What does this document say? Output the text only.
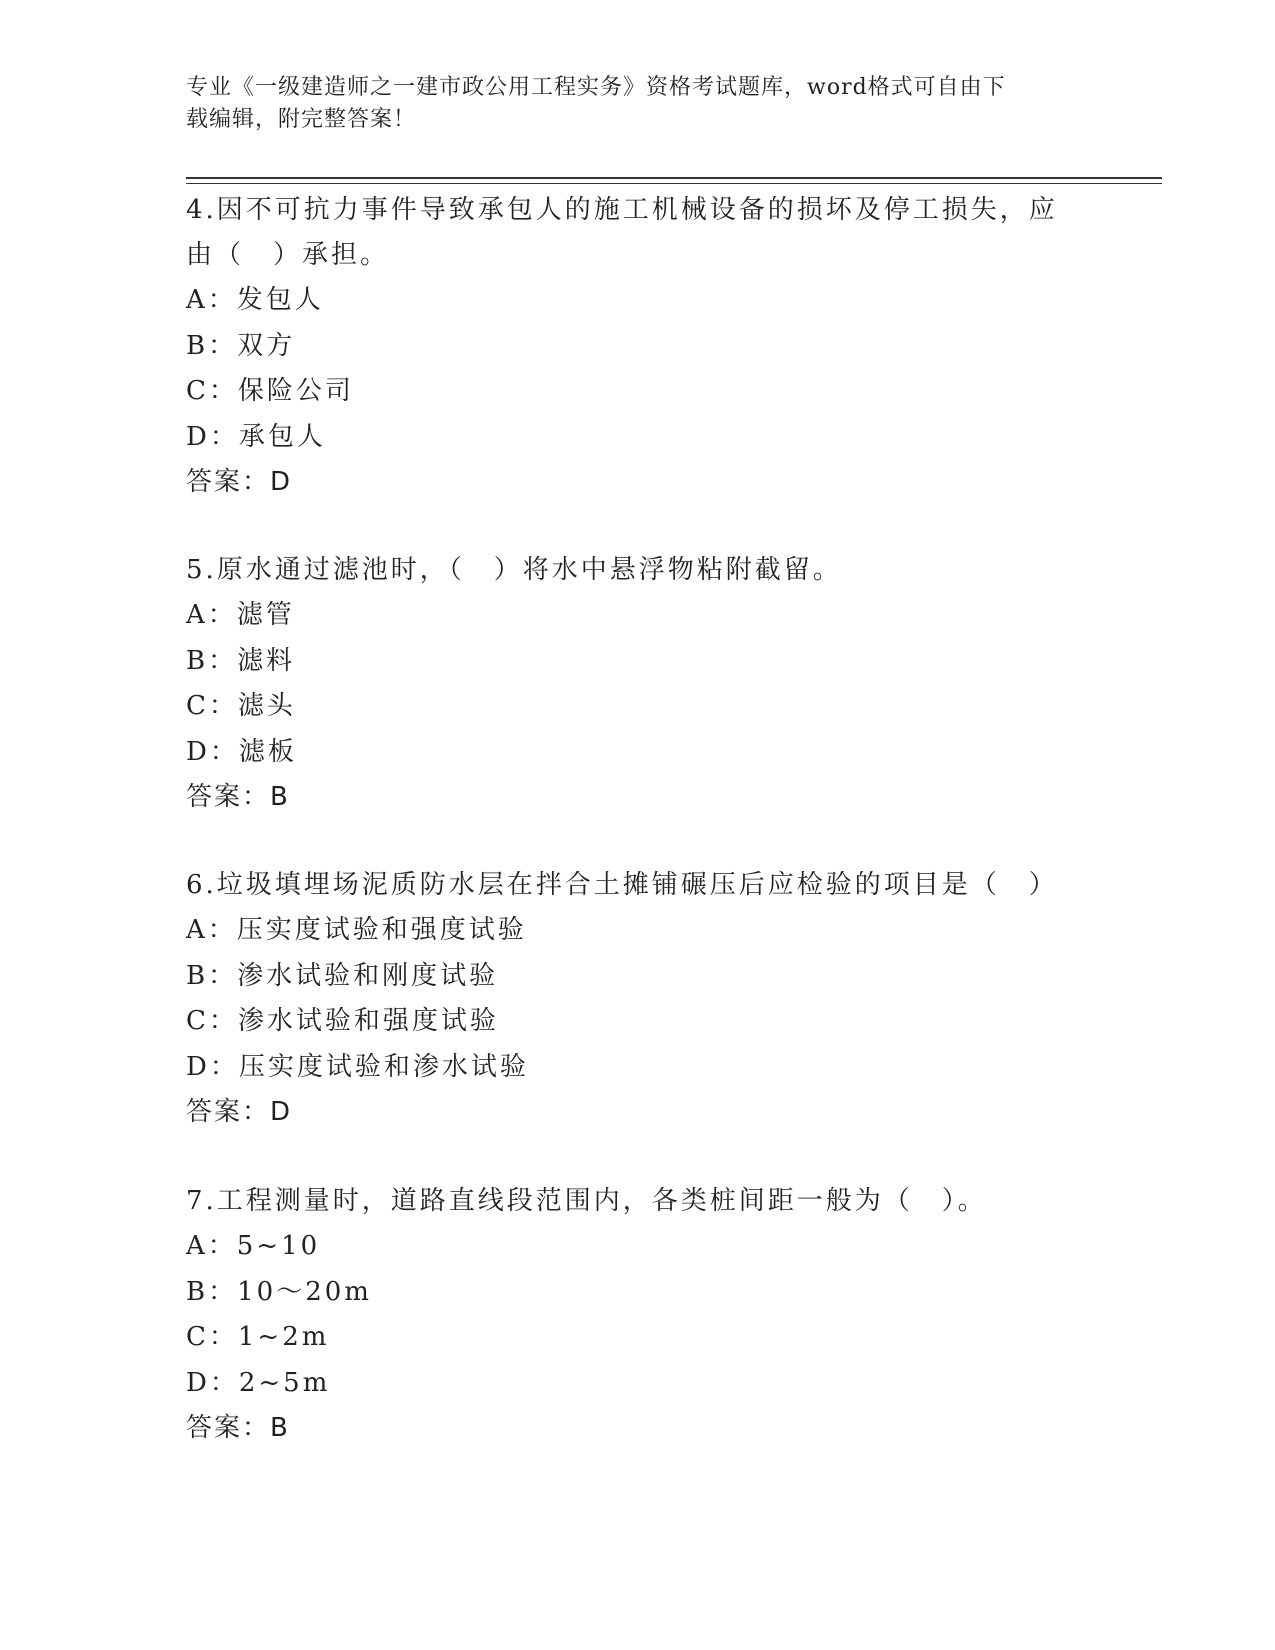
专业《一级建造师之一建市政公用工程实务》资格考试题库，word格式可自由下

载编辑，附完整答案！

4.因不可抗力事件导致承包人的施工机械设备的损坏及停工损失，应

由（　）承担。

A：发包人

B：双方

C：保险公司

D：承包人

答案：D

5.原水通过滤池时，（　）将水中悬浮物粘附截留。

A：滤管

B：滤料

C：滤头

D：滤板

答案：B

6.垃圾填埋场泥质防水层在拌合土摊铺碾压后应检验的项目是（　）

A：压实度试验和强度试验

B：渗水试验和刚度试验

C：渗水试验和强度试验

D：压实度试验和渗水试验

答案：D

7.工程测量时，道路直线段范围内，各类桩间距一般为（　）。

A：5~10

B：10～20m

C：1~2m

D：2~5m

答案：B
